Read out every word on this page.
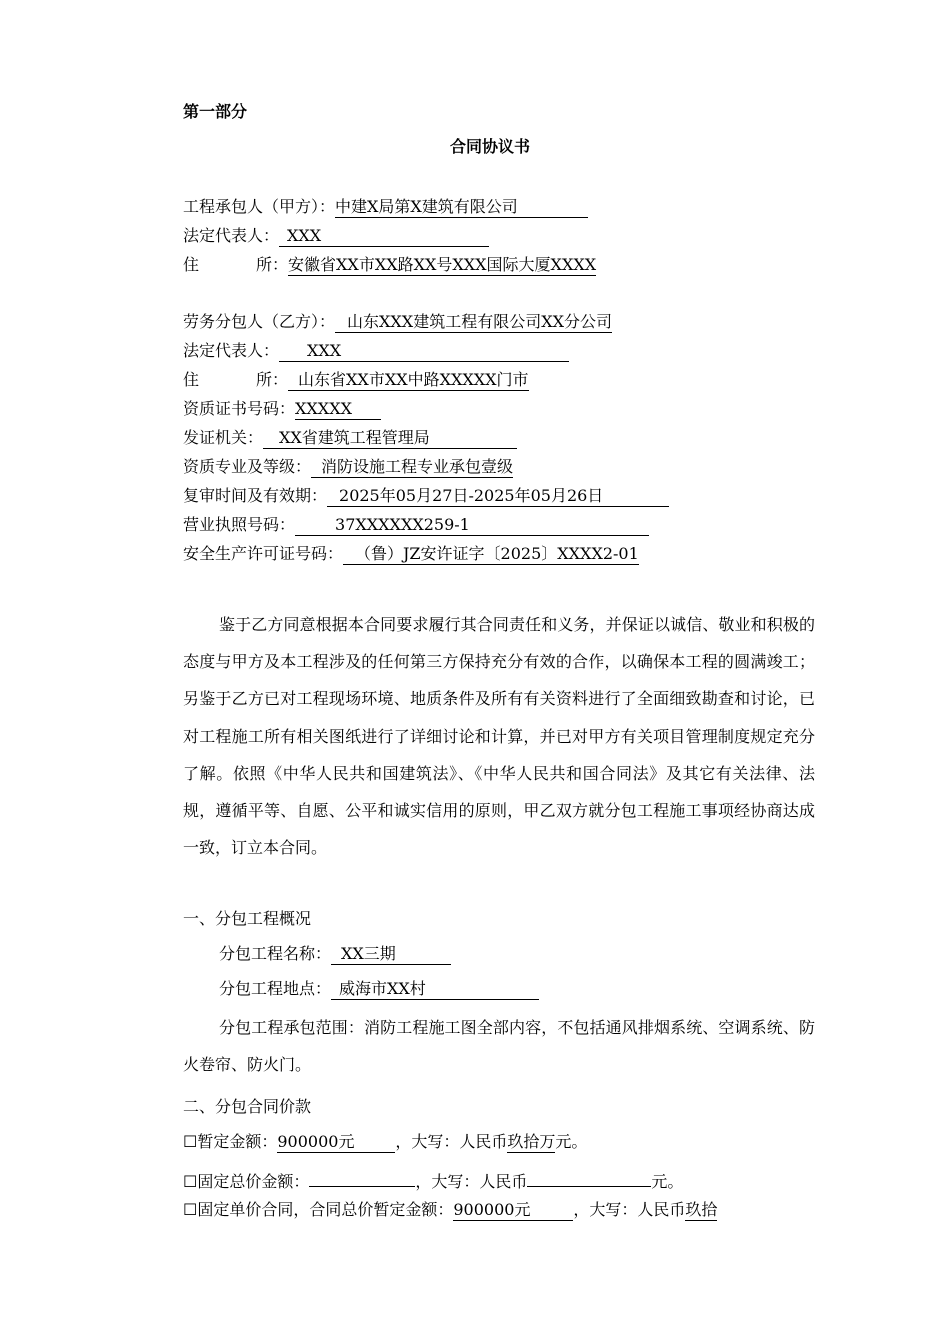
第一部分
合同协议书
工程承包人（甲方）：中建X局第X建筑有限公司
法定代表人： XXX
住	所：安徽省XX市XX路XX号XXX国际大厦XXXX
劳务分包人（乙方）： 山东XXX建筑工程有限公司XX分公司
法定代表人： XXX
住	所： 山东省XX市XX中路XXXXX门市
资质证书号码：XXXXX
发证机关： XX省建筑工程管理局
资质专业及等级： 消防设施工程专业承包壹级
复审时间及有效期： 2025年05月27日-2025年05月26日
营业执照号码：	37XXXXXX259-1
安全生产许可证号码： （鲁）JZ安许证字〔2025〕XXXX2-01
鉴于乙方同意根据本合同要求履行其合同责任和义务，并保证以诚信、敬业和积极的态度与甲方及本工程涉及的任何第三方保持充分有效的合作，以确保本工程的圆满竣工；另鉴于乙方已对工程现场环境、地质条件及所有有关资料进行了全面细致勘查和讨论，已对工程施工所有相关图纸进行了详细讨论和计算，并已对甲方有关项目管理制度规定充分了解。依照《中华人民共和国建筑法》、《中华人民共和国合同法》及其它有关法律、法规，遵循平等、自愿、公平和诚实信用的原则，甲乙双方就分包工程施工事项经协商达成一致，订立本合同。
一、分包工程概况
分包工程名称： XX三期
分包工程地点： 威海市XX村
分包工程承包范围：消防工程施工图全部内容，不包括通风排烟系统、空调系统、防火卷帘、防火门。
二、分包合同价款
☐暂定金额：900000元	，大写：人民币玖拾万元。
☐固定总价金额：	，大写：人民币	元。
☐固定单价合同，合同总价暂定金额：900000元	，大写：人民币玖拾
